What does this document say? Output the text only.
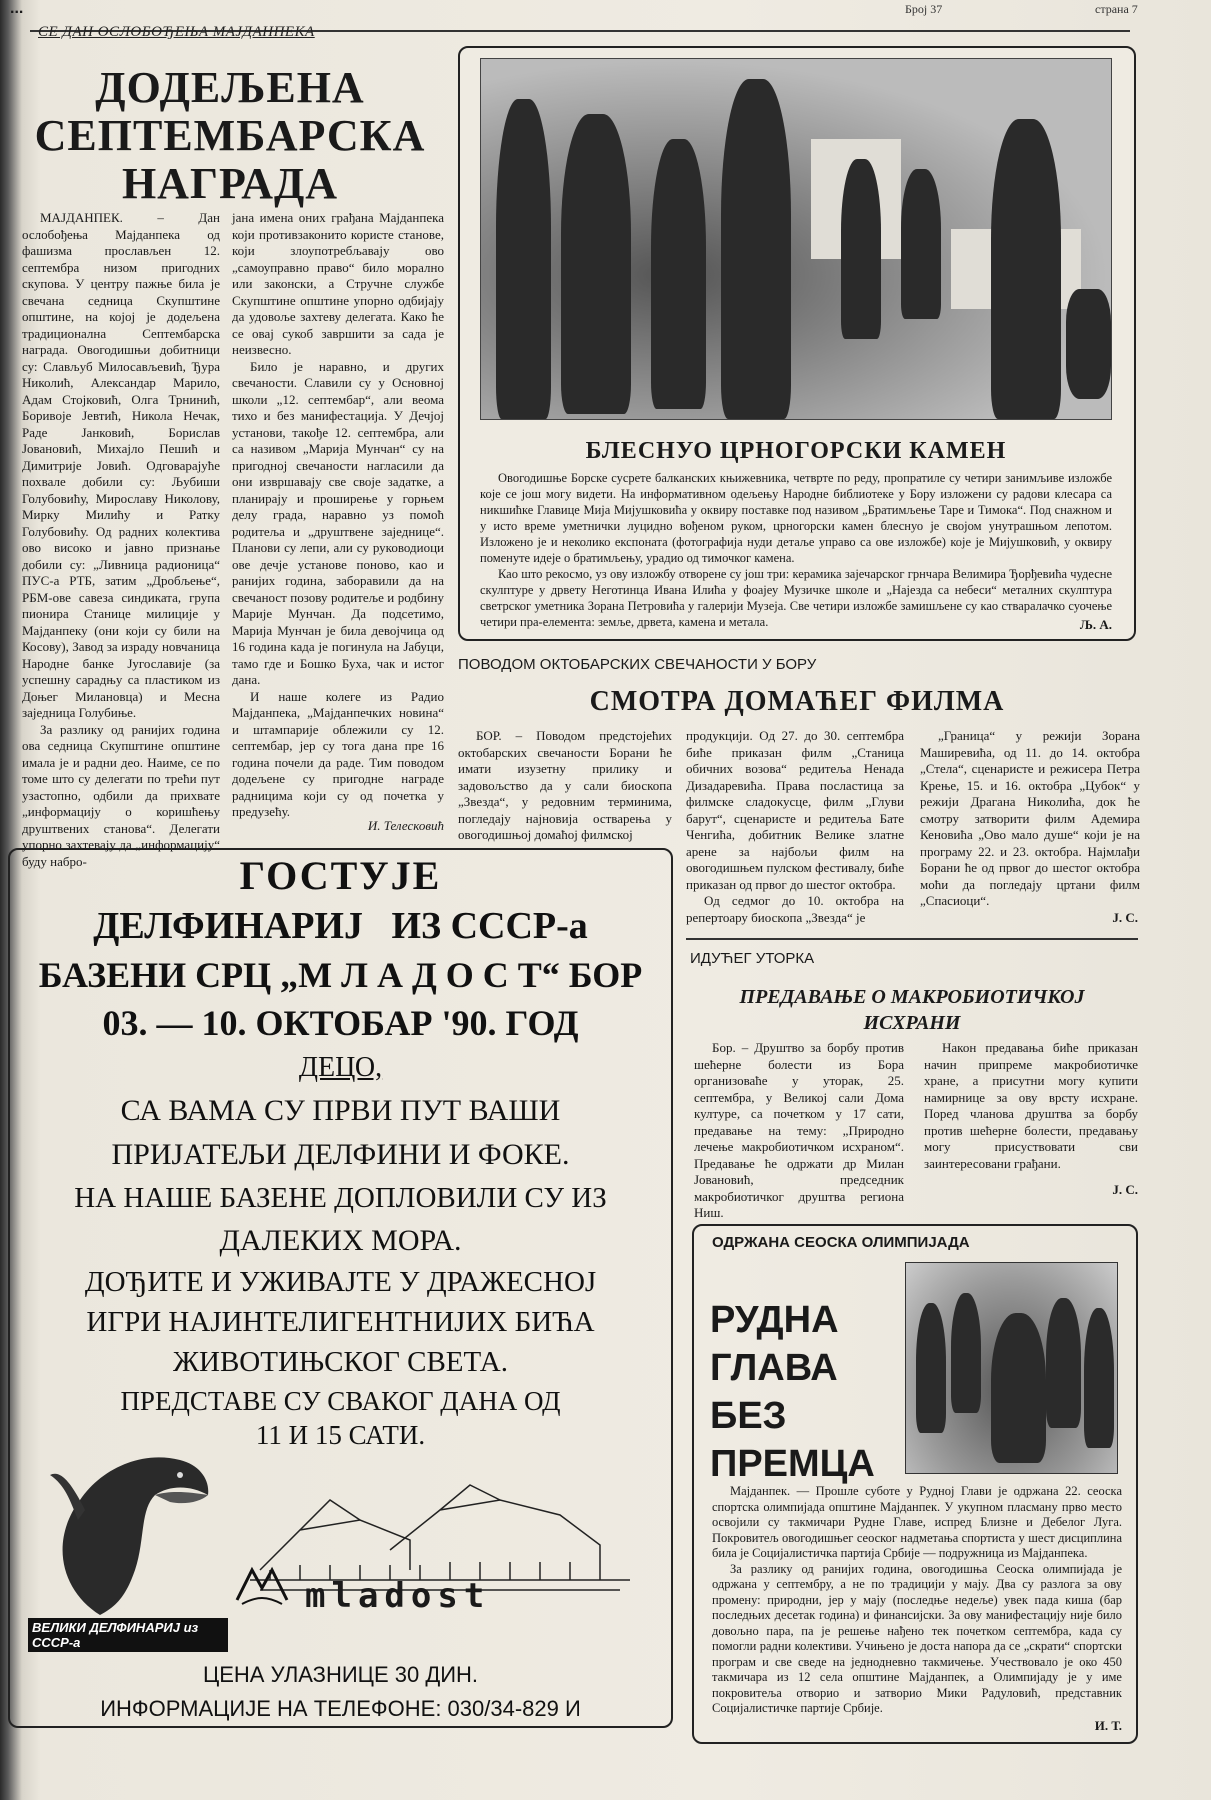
...	Број 37	страна 7
СЕ ДАН ОСЛОБОЂЕЊА МАЈДАНПЕКА
ДОДЕЉЕНА
СЕПТЕМБАРСКА
НАГРАДА

МАЈДАНПЕК. – Дан ослобођења Мајданпека од фашизма прослављен 12. септембра низом пригодних скупова. У центру пажње била је свечана седница Скупштине општине, на којој је додељена традиционална Септембарска награда. Овогодишњи добитници су: Слављуб Милосављевић, Ђура Николић, Александар Марило, Адам Стојковић, Олга Трнинић, Боривоје Јевтић, Никола Нечак, Раде Јанковић, Борислав Јовановић, Михајло Пешић и Димитрије Јовић. Одговарајуће похвале добили су: Љубиши Голубовићу, Мирославу Николову, Мирку Милићу и Ратку Голубовићу. Од радних колектива ово високо и јавно признање добили су: „Ливница радионица“ ПУС-а РТБ, затим „Дробљење“, РБМ-ове савеза синдиката, група пионира Станице милиције у Мајданпеку (они који су били на Косову), Завод за израду новчаница Народне банке Југославије (за успешну сарадњу са пластиком из Доњег Милановца) и Месна заједница Голубиње.

За разлику од ранијих година ова седница Скупштине општине имала је и радни део. Наиме, се по томе што су делегати по трећи пут узастопно, одбили да прихвате „информацију о коришћењу друштвених станова“. Делегати упорно захтевају да „информацију“ буду набро-

јана имена оних грађана Мајданпека који противзаконито користе станове, који злоупотребљавају ово „самоуправно право“ било морално или законски, а Стручне службе Скупштине општине упорно одбијају да удовоље захтеву делегата. Како ће се овај сукоб завршити за сада је неизвесно.

Било је наравно, и других свечаности. Славили су у Основној школи „12. септембар“, али веома тихо и без манифестација. У Дечјој установи, такође 12. септембра, али са називом „Марија Мунчан“ су на пригодној свечаности нагласили да они извршавају све своје задатке, а планирају и проширење у горњем делу града, наравно уз помоћ родитеља и „друштвене заједнице“. Планови су лепи, али су руководиоци ове дечје установе поново, као и ранијих година, заборавили да на свечаност позову родитеље и родбину Марије Мунчан. Да подсетимо, Марија Мунчан је била девојчица од 16 година када је погинула на Јабуци, тамо где и Бошко Буха, чак и истог дана.

И наше колеге из Радио Мајданпека, „Мајданпечких новина“ и штампарије облежили су 12. септембар, јер су тога дана пре 16 година почели да раде. Тим поводом додељене су пригодне награде радницима који су од почетка у предузећу.

И. Телесковић
БЛЕСНУО ЦРНОГОРСКИ КАМЕН

Овогодишње Борске сусрете балканских књижевника, четврте по реду, пропратиле су четири занимљиве изложбе које се још могу видети. На информативном одељењу Народне библиотеке у Бору изложени су радови клесара са никшићке Главице Мија Мијушковића у оквиру поставке под називом „Братимљење Таре и Тимока“. Под снажном и у исто време уметнички луцидно вођеном руком, црногорски камен блеснуо је својом унутрашњом лепотом. Изложено је и неколико експоната (фотографија нуди детаље управо са ове изложбе) које је Мијушковић, у оквиру поменуте идеје о братимљењу, урадио од тимочког камена.

Као што рекосмо, уз ову изложбу отворене су још три: керамика зајечарског грнчара Велимира Ђорђевића чудесне скулптуре у дрвету Неготинца Ивана Илића у фоајеу Музичке школе и „Најезда са небеси“ металних скулптура светрског уметника Зорана Петровића у галерији Музеја. Све четири изложбе замишљене су као стваралачко суочење четири пра-елемента: земље, дрвета, камена и метала.	Љ. А.
ПОВОДОМ ОКТОБАРСКИХ СВЕЧАНОСТИ У БОРУ
СМОТРА ДОМАЋЕГ ФИЛМА

БОР. – Поводом предстојећих октобарских свечаности Борани ће имати изузетну прилику и задовољство да у сали биоскопа „Звезда“, у редовним терминима, погледају најновија остварења у овогодишњој домаћој филмској

продукцији. Од 27. до 30. септембра биће приказан филм „Станица обичних возова“ редитеља Ненада Дизадаревића. Права посластица за филмске сладокусце, филм „Глуви барут“, сценаристе и редитеља Бате Ченгића, добитник Велике златне арене за најбољи филм на овогодишњем пулском фестивалу, биће приказан од првог до шестог октобра.

Од седмог до 10. октобра на репертоару биоскопа „Звезда“ је

„Граница“ у режији Зорана Маширевића, од 11. до 14. октобра „Стела“, сценаристе и режисера Петра Крење, 15. и 16. октобра „Цубок“ у режији Драгана Николића, док ће смотру затворити филм Адемира Кеновића „Ово мало душе“ који је на програму 22. и 23. октобра. Најмлађи Борани ће од првог до шестог октобра моћи да погледају цртани филм „Спасиоци“.

Ј. С.
ИДУЋЕГ УТОРКА
ПРЕДАВАЊЕ О МАКРОБИОТИЧКОЈ
ИСХРАНИ

Бор. – Друштво за борбу против шећерне болести из Бора организоваће у уторак, 25. септембра, у Великој сали Дома културе, са почетком у 17 сати, предавање на тему: „Природно лечење макробиотичком исхраном“. Предавање ће одржати др Милан Јовановић, председник макробиотичког друштва региона Ниш.

Након предавања биће приказан начин припреме макробиотичке хране, а присутни могу купити намирнице за ову врсту исхране. Поред чланова друштва за борбу против шећерне болести, предавању могу присуствовати сви заинтересовани грађани.

Ј. С.
ОДРЖАНА СЕОСКА ОЛИМПИЈАДА
РУДНА
ГЛАВА
БЕЗ
ПРЕМЦА

Мајданпек. — Прошле суботе у Рудној Глави је одржана 22. сеоска спортска олимпијада општине Мајданпек. У укупном пласману прво место освојили су такмичари Рудне Главе, испред Близне и Дебелог Луга. Покровитељ овогодишњег сеоског надметања спортиста у шест дисциплина била је Социјалистичка партија Србије — подружница из Мајданпека.

За разлику од ранијих година, овогодишња Сеоска олимпијада је одржана у септембру, а не по традицији у мају. Два су разлога за ову промену: природни, јер у мају (последње недеље) увек пада киша (бар последњих десетак година) и финансијски. За ову манифестацију није било довољно пара, па је решење нађено тек почетком септембра, када су помогли радни колективи. Учињено је доста напора да се „скрати“ спортски програм и све сведе на једнодневно такмичење. Учествовало је око 450 такмичара из 12 села општине Мајданпек, а Олимпијаду је у име покровитеља отворио и затворио Мики Радуловић, представник Социјалистичке партије Србије.

И. Т.
ГОСТУЈЕ
ДЕЛФИНАРИЈ   ИЗ СССР-а
БАЗЕНИ СРЦ „М Л А Д О С Т“ БОР
03. — 10. ОКТОБАР '90. ГОД
ДЕЦО,
СА ВАМА СУ ПРВИ ПУТ ВАШИ
ПРИЈАТЕЉИ ДЕЛФИНИ И ФОКЕ.
НА НАШЕ БАЗЕНЕ ДОПЛОВИЛИ СУ ИЗ
ДАЛЕКИХ МОРА.
ДОЂИТЕ И УЖИВАЈТЕ У ДРАЖЕСНОЈ
ИГРИ НАЈИНТЕЛИГЕНТНИЈИХ БИЋА
ЖИВОТИЊСКОГ СВЕТА.
ПРЕДСТАВЕ СУ СВАКОГ ДАНА ОД
11 И 15 САТИ.
ВЕЛИКИ ДЕЛФИНАРИЈ из СССР-а
mladost
ЦЕНА УЛАЗНИЦЕ 30 ДИН.
ИНФОРМАЦИЈЕ НА ТЕЛЕФОНЕ: 030/34-829 И
